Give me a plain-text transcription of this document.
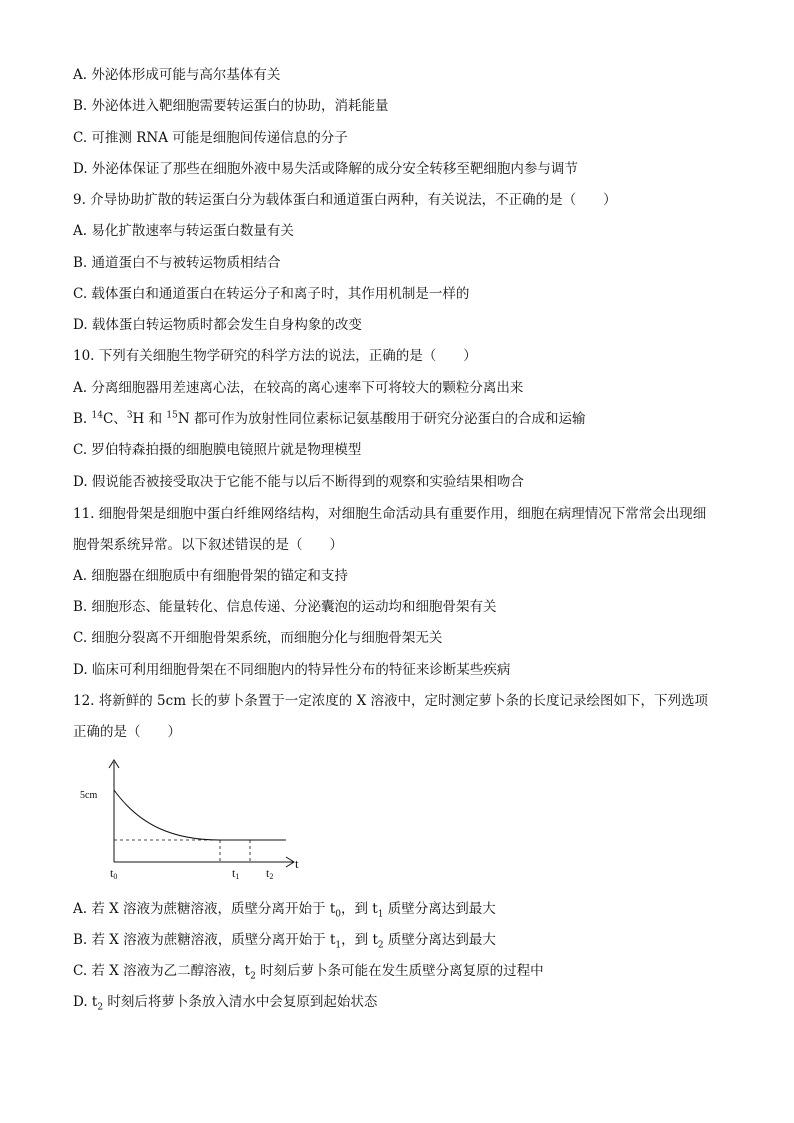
A. 外泌体形成可能与高尔基体有关
B. 外泌体进入靶细胞需要转运蛋白的协助，消耗能量
C. 可推测 RNA 可能是细胞间传递信息的分子
D. 外泌体保证了那些在细胞外液中易失活或降解的成分安全转移至靶细胞内参与调节
9. 介导协助扩散的转运蛋白分为载体蛋白和通道蛋白两种，有关说法，不正确的是（　　）
A. 易化扩散速率与转运蛋白数量有关
B. 通道蛋白不与被转运物质相结合
C. 载体蛋白和通道蛋白在转运分子和离子时，其作用机制是一样的
D. 载体蛋白转运物质时都会发生自身构象的改变
10. 下列有关细胞生物学研究的科学方法的说法，正确的是（　　）
A. 分离细胞器用差速离心法，在较高的离心速率下可将较大的颗粒分离出来
B. $^{14}$C、$^3$H 和 $^{15}$N 都可作为放射性同位素标记氨基酸用于研究分泌蛋白的合成和运输
C. 罗伯特森拍摄的细胞膜电镜照片就是物理模型
D. 假说能否被接受取决于它能不能与以后不断得到的观察和实验结果相吻合
11. 细胞骨架是细胞中蛋白纤维网络结构，对细胞生命活动具有重要作用，细胞在病理情况下常常会出现细
胞骨架系统异常。以下叙述错误的是（　　）
A. 细胞器在细胞质中有细胞骨架的锚定和支持
B. 细胞形态、能量转化、信息传递、分泌囊泡的运动均和细胞骨架有关
C. 细胞分裂离不开细胞骨架系统，而细胞分化与细胞骨架无关
D. 临床可利用细胞骨架在不同细胞内的特异性分布的特征来诊断某些疾病
12. 将新鲜的 5cm 长的萝卜条置于一定浓度的 X 溶液中，定时测定萝卜条的长度记录绘图如下，下列选项
正确的是（　　）
5cm
t0	t1 t2
t
A. 若 X 溶液为蔗糖溶液，质壁分离开始于 $t_0$，到 $t_1$ 质壁分离达到最大
B. 若 X 溶液为蔗糖溶液，质壁分离开始于 $t_1$，到 $t_2$ 质壁分离达到最大
C. 若 X 溶液为乙二醇溶液，$t_2$ 时刻后萝卜条可能在发生质壁分离复原的过程中
D. $t_2$ 时刻后将萝卜条放入清水中会复原到起始状态
